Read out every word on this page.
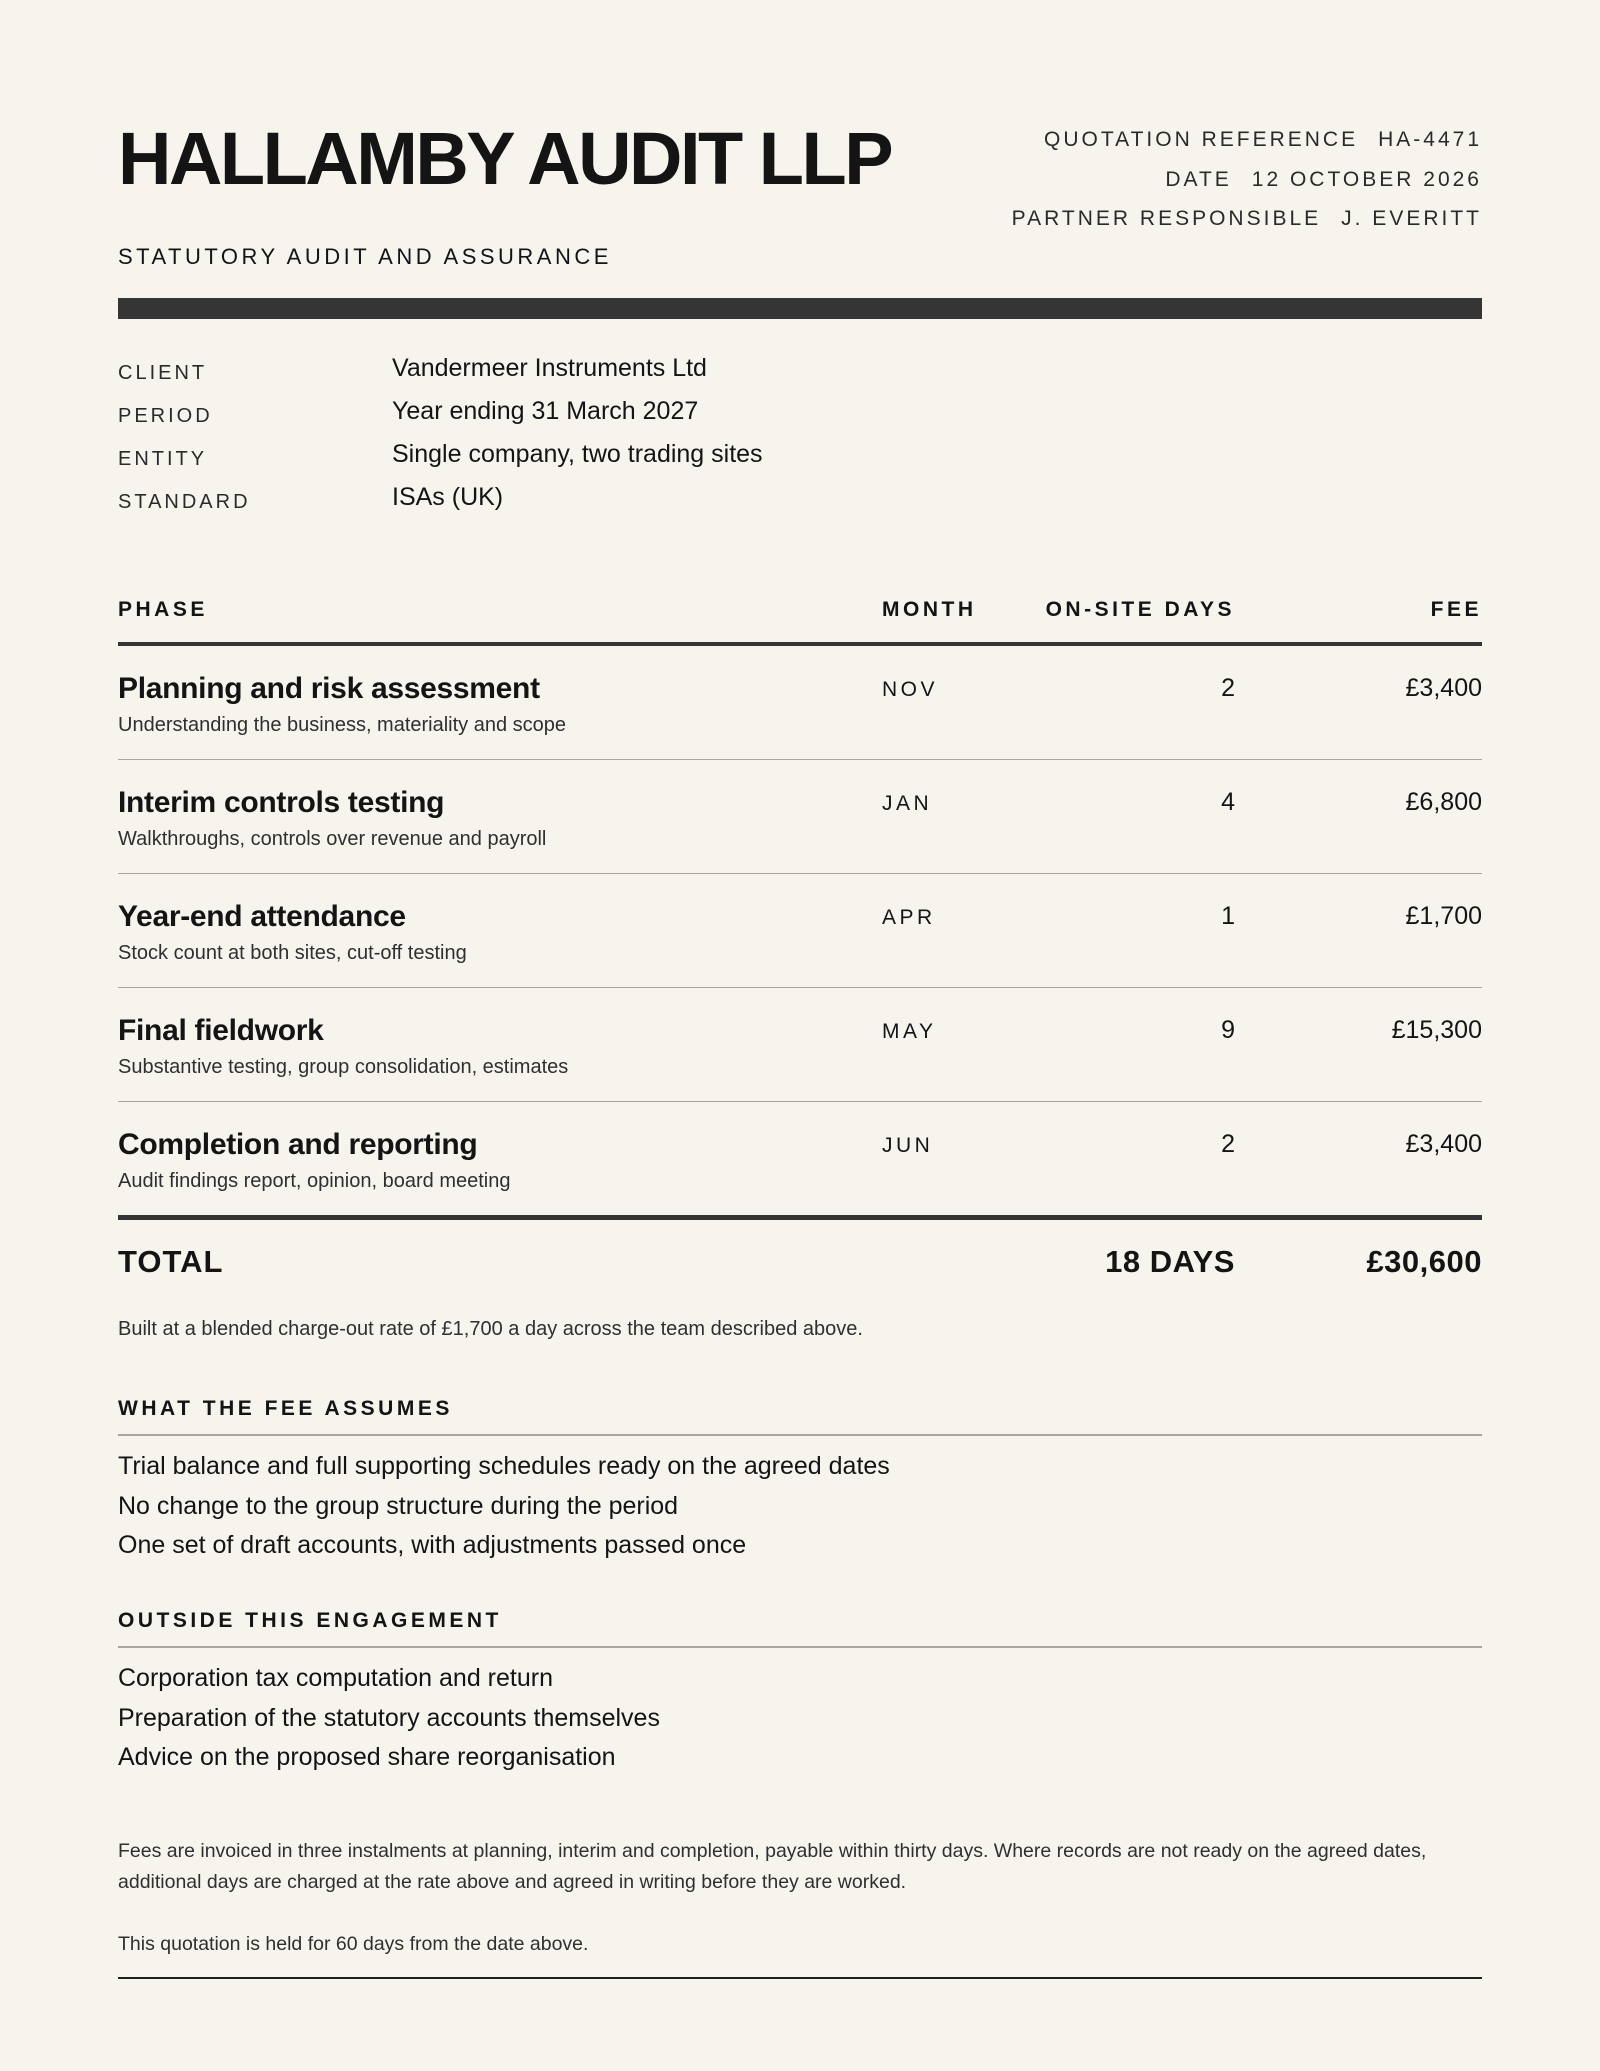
HALLAMBY AUDIT LLP
STATUTORY AUDIT AND ASSURANCE
QUOTATION REFERENCE HA-4471
DATE 12 OCTOBER 2026
PARTNER RESPONSIBLE J. EVERITT
CLIENT	Vandermeer Instruments Ltd
PERIOD	Year ending 31 March 2027
ENTITY	Single company, two trading sites
STANDARD	ISAs (UK)
PHASE	MONTH	ON-SITE DAYS	FEE
Planning and risk assessment
Understanding the business, materiality and scope
NOV	2	£3,400
Interim controls testing
Walkthroughs, controls over revenue and payroll
JAN	4	£6,800
Year-end attendance
Stock count at both sites, cut-off testing
APR	1	£1,700
Final fieldwork
Substantive testing, group consolidation, estimates
MAY	9	£15,300
Completion and reporting
Audit findings report, opinion, board meeting
JUN	2	£3,400
TOTAL	18 DAYS	£30,600
Built at a blended charge-out rate of £1,700 a day across the team described above.
WHAT THE FEE ASSUMES
Trial balance and full supporting schedules ready on the agreed dates
No change to the group structure during the period
One set of draft accounts, with adjustments passed once
OUTSIDE THIS ENGAGEMENT
Corporation tax computation and return
Preparation of the statutory accounts themselves
Advice on the proposed share reorganisation

Fees are invoiced in three instalments at planning, interim and completion, payable within thirty days. Where records are not ready on the agreed dates, additional days are charged at the rate above and agreed in writing before they are worked.

This quotation is held for 60 days from the date above.
